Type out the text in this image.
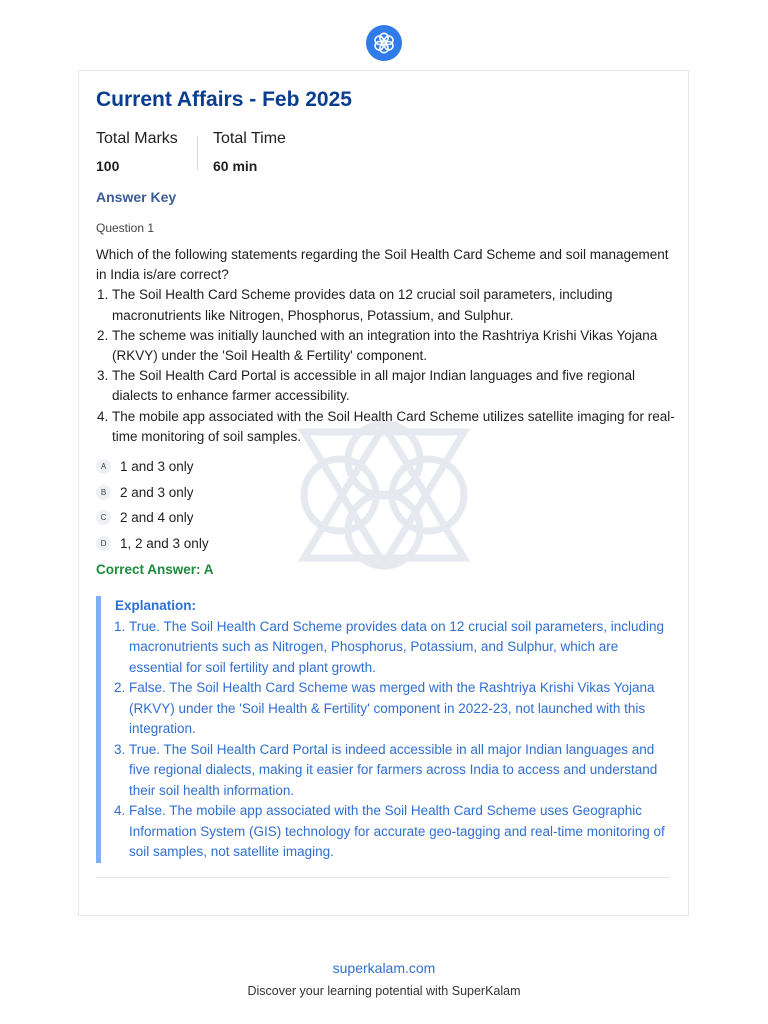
Current Affairs - Feb 2025
Total Marks
100
Total Time
60 min
Answer Key
Question 1

Which of the following statements regarding the Soil Health Card Scheme and soil management in India is/are correct?

1. The Soil Health Card Scheme provides data on 12 crucial soil parameters, including macronutrients like Nitrogen, Phosphorus, Potassium, and Sulphur.
2. The scheme was initially launched with an integration into the Rashtriya Krishi Vikas Yojana (RKVY) under the 'Soil Health & Fertility' component.
3. The Soil Health Card Portal is accessible in all major Indian languages and five regional dialects to enhance farmer accessibility.
4. The mobile app associated with the Soil Health Card Scheme utilizes satellite imaging for real-time monitoring of soil samples.
A	1 and 3 only
B	2 and 3 only
C	2 and 4 only
D	1, 2 and 3 only
Correct Answer: A
Explanation:
1. True. The Soil Health Card Scheme provides data on 12 crucial soil parameters, including macronutrients such as Nitrogen, Phosphorus, Potassium, and Sulphur, which are essential for soil fertility and plant growth.
2. False. The Soil Health Card Scheme was merged with the Rashtriya Krishi Vikas Yojana (RKVY) under the 'Soil Health & Fertility' component in 2022-23, not launched with this integration.
3. True. The Soil Health Card Portal is indeed accessible in all major Indian languages and five regional dialects, making it easier for farmers across India to access and understand their soil health information.
4. False. The mobile app associated with the Soil Health Card Scheme uses Geographic Information System (GIS) technology for accurate geo-tagging and real-time monitoring of soil samples, not satellite imaging.
superkalam.com
Discover your learning potential with SuperKalam
